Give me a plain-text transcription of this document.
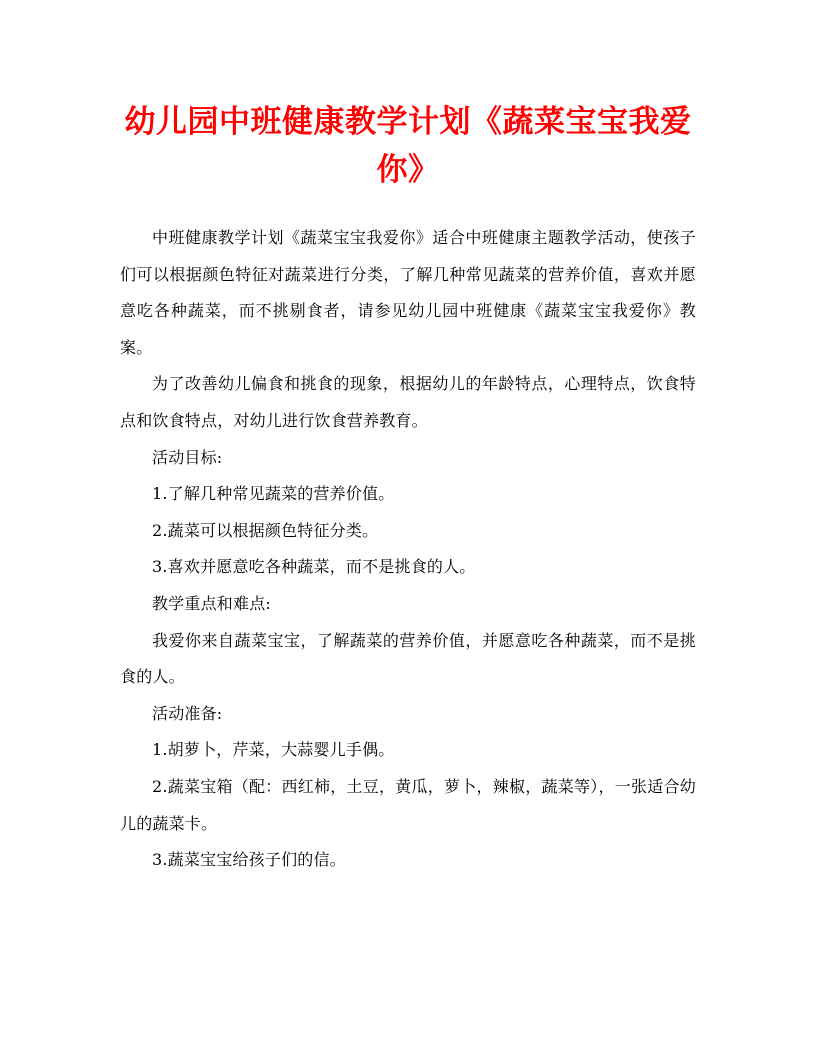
幼儿园中班健康教学计划《蔬菜宝宝我爱你》

中班健康教学计划《蔬菜宝宝我爱你》适合中班健康主题教学活动，使孩子们可以根据颜色特征对蔬菜进行分类，了解几种常见蔬菜的营养价值，喜欢并愿意吃各种蔬菜，而不挑剔食者，请参见幼儿园中班健康《蔬菜宝宝我爱你》教案。

为了改善幼儿偏食和挑食的现象，根据幼儿的年龄特点，心理特点，饮食特点和饮食特点，对幼儿进行饮食营养教育。

活动目标:

1.了解几种常见蔬菜的营养价值。

2.蔬菜可以根据颜色特征分类。

3.喜欢并愿意吃各种蔬菜，而不是挑食的人。

教学重点和难点:

我爱你来自蔬菜宝宝，了解蔬菜的营养价值，并愿意吃各种蔬菜，而不是挑食的人。

活动准备:

1.胡萝卜，芹菜，大蒜婴儿手偶。

2.蔬菜宝箱（配：西红柿，土豆，黄瓜，萝卜，辣椒，蔬菜等），一张适合幼儿的蔬菜卡。

3.蔬菜宝宝给孩子们的信。
